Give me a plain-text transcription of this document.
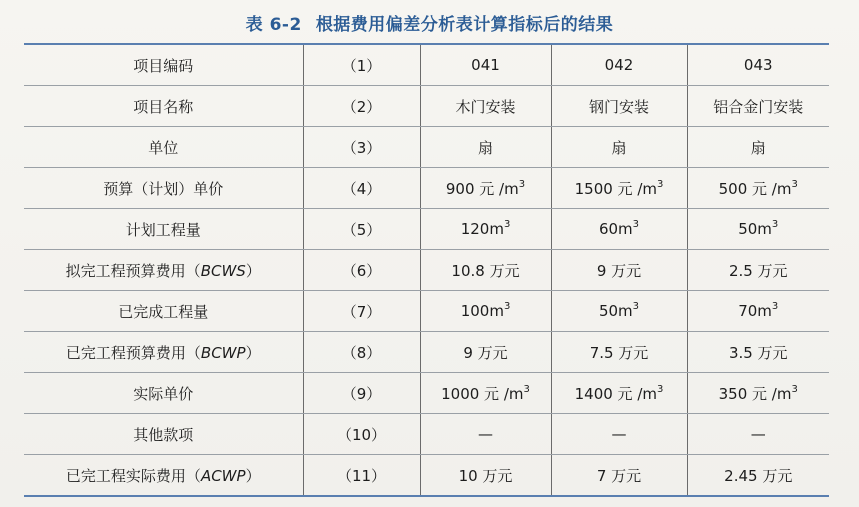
表 6-2 根据费用偏差分析表计算指标后的结果
项目编码	（1）	041	042	043
项目名称	（2）	木门安装	钢门安装	铝合金门安装
单位	（3）	扇	扇	扇
预算（计划）单价	（4）	900 元 $/m^3$	1500 元 $/m^3$	500 元 $/m^3$
计划工程量	（5）	$120m^3$	$60m^3$	$50m^3$
拟完工程预算费用（BCWS）	（6）	10.8 万元	9 万元	2.5 万元
已完成工程量	（7）	$100m^3$	$50m^3$	$70m^3$
已完工程预算费用（BCWP）	（8）	9 万元	7.5 万元	3.5 万元
实际单价	（9）	1000 元 $/m^3$	1400 元 $/m^3$	350 元 $/m^3$
其他款项	（10）	—	—	—
已完工程实际费用（ACWP）	（11）	10 万元	7 万元	2.45 万元
